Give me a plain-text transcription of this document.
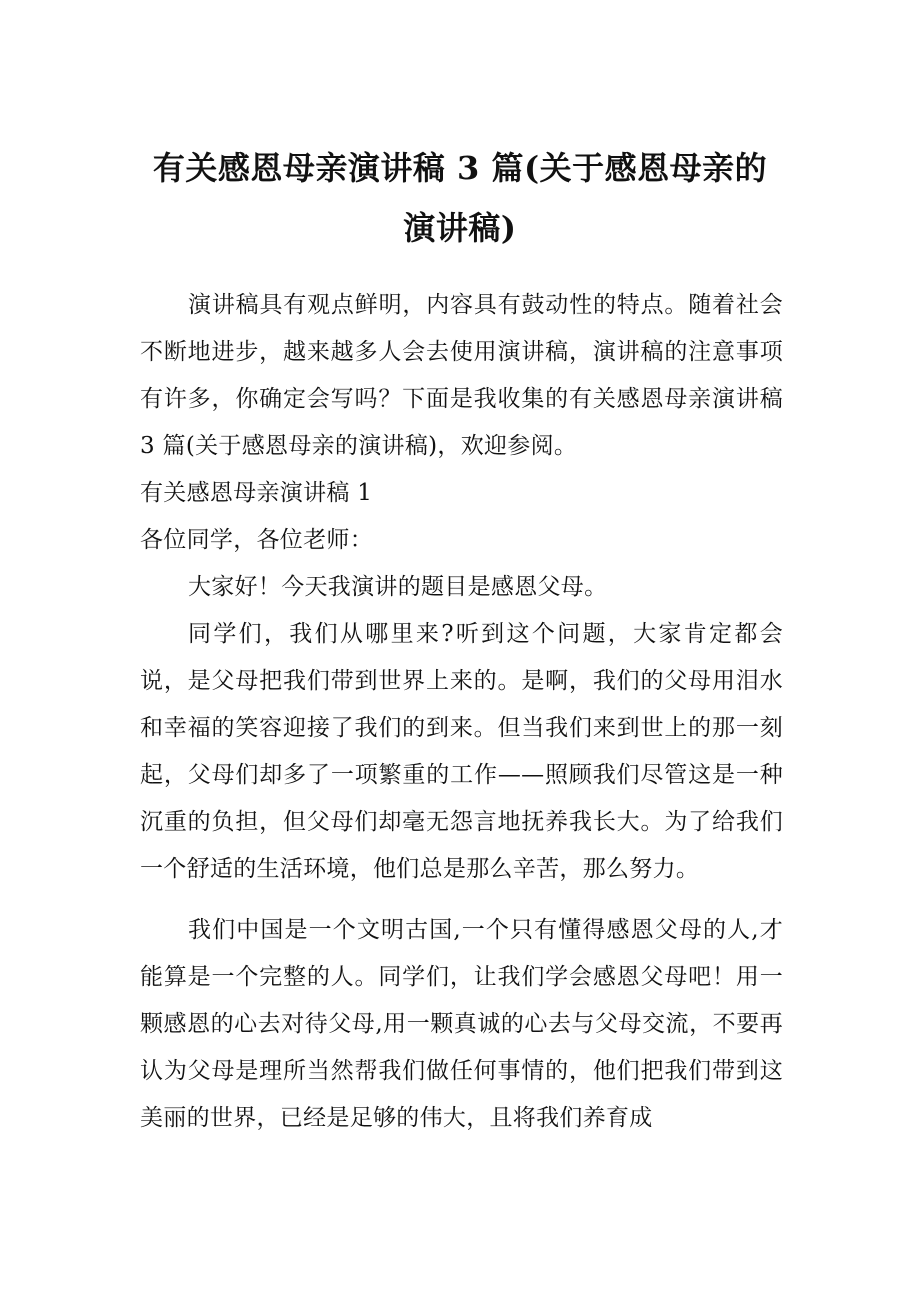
有关感恩母亲演讲稿 3 篇(关于感恩母亲的
演讲稿)

演讲稿具有观点鲜明，内容具有鼓动性的特点。随着社会不断地进步，越来越多人会去使用演讲稿，演讲稿的注意事项有许多，你确定会写吗？下面是我收集的有关感恩母亲演讲稿 3 篇(关于感恩母亲的演讲稿)，欢迎参阅。

有关感恩母亲演讲稿 1

各位同学，各位老师：

大家好！今天我演讲的题目是感恩父母。

同学们，我们从哪里来?听到这个问题，大家肯定都会说，是父母把我们带到世界上来的。是啊，我们的父母用泪水和幸福的笑容迎接了我们的到来。但当我们来到世上的那一刻起，父母们却多了一项繁重的工作——照顾我们尽管这是一种沉重的负担，但父母们却毫无怨言地抚养我长大。为了给我们一个舒适的生活环境，他们总是那么辛苦，那么努力。

我们中国是一个文明古国,一个只有懂得感恩父母的人,才能算是一个完整的人。同学们，让我们学会感恩父母吧！用一颗感恩的心去对待父母,用一颗真诚的心去与父母交流，不要再认为父母是理所当然帮我们做任何事情的，他们把我们带到这美丽的世界，已经是足够的伟大，且将我们养育成
